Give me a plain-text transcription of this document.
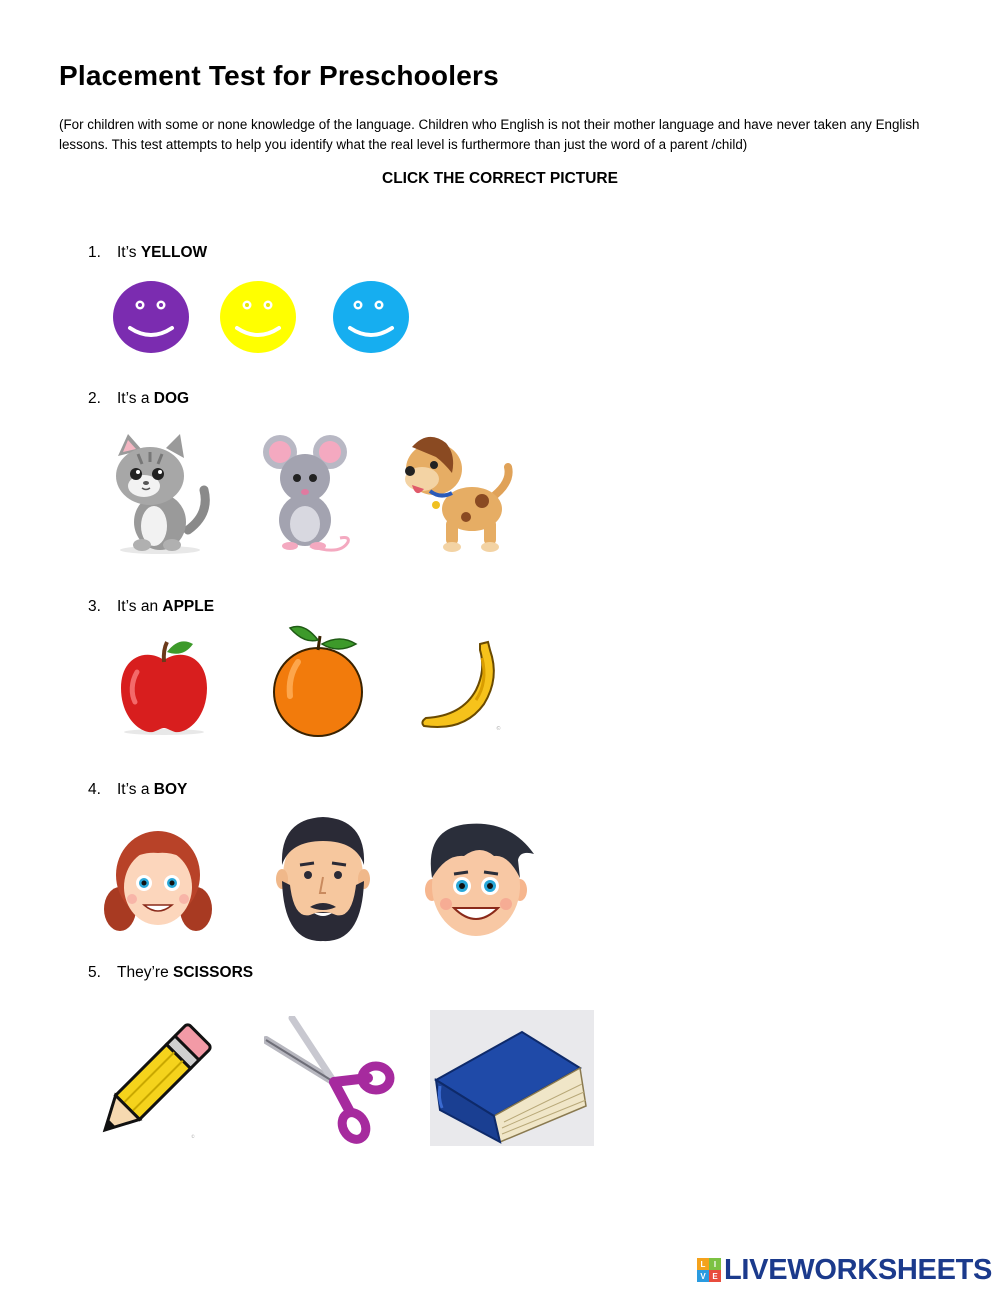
Placement Test for Preschoolers

(For children with some or none knowledge of the language. Children who English is not their mother language and have never taken any English lessons. This test attempts to help you identify what the real level is furthermore than just the word of a parent /child)

CLICK THE CORRECT PICTURE

1. It’s YELLOW
2. It’s a DOG
3. It’s an APPLE
©
4. It’s a BOY
5. They’re SCISSORS
©
L	I
V E LIVEWORKSHEETS
